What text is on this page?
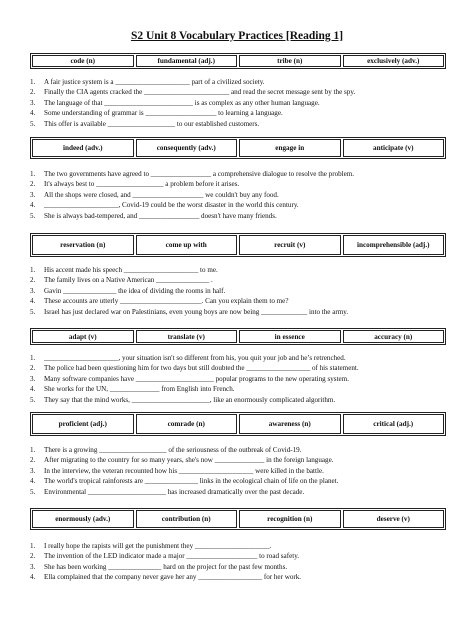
S2 Unit 8 Vocabulary Practices [Reading 1]
code (n)	fundamental (adj.)	tribe (n)	exclusively (adv.)
1.	A fair justice system is a _____________________ part of a civilized society.
2.	Finally the CIA agents cracked the ________________________ and read the secret message sent by the spy.
3.	The language of that _________________________ is as complex as any other human language.
4.	Some understanding of grammar is ____________________ to learning a language.
5.	This offer is available ___________________ to our established customers.
indeed (adv.)	consequently (adv.)	engage in	anticipate (v)
1.	The two governments have agreed to _________________ a comprehensive dialogue to resolve the problem.
2.	It's always best to ___________________ a problem before it arises.
3.	All the shops were closed, and ____________________ we couldn't buy any food.
4.	_____________________, Covid-19 could be the worst disaster in the world this century.
5.	She is always bad-tempered, and _________________ doesn't have many friends.
reservation (n)	come up with	recruit (v)	incomprehensible (adj.)
1.	His accent made his speech _____________________ to me.
2.	The family lives on a Native American _______________ .
3.	Gavin _______________ the idea of dividing the rooms in half.
4.	These accounts are utterly _______________________. Can you explain them to me?
5.	Israel has just declared war on Palestinians, even young boys are now being _____________ into the army.
adapt (v)	translate (v)	in essence	accuracy (n)
1.	_____________________, your situation isn't so different from his, you quit your job and he’s retrenched.
2.	The police had been questioning him for two days but still doubted the __________________ of his statement.
3.	Many software companies have ______________________ popular programs to the new operating system.
4.	She works for the UN, ______________ from English into French.
5.	They say that the mind works, ______________________, like an enormously complicated algorithm.
proficient (adj.)	comrade (n)	awareness (n)	critical (adj.)
1.	There is a growing ___________________ of the seriousness of the outbreak of Covid-19.
2.	After migrating to the country for so many years, she's now ______________ in the foreign language.
3.	In the interview, the veteran recounted how his _____________________ were killed in the battle.
4.	The world's tropical rainforests are _______________ links in the ecological chain of life on the planet.
5.	Environmental ______________________ has increased dramatically over the past decade.
enormously (adv.)	contribution (n)	recognition (n)	deserve (v)
1.	I really hope the rapists will get the punishment they _____________________.
2.	The invention of the LED indicator made a major ____________________ to road safety.
3.	She has been working _______________ hard on the project for the past few months.
4.	Ella complained that the company never gave her any __________________ for her work.
